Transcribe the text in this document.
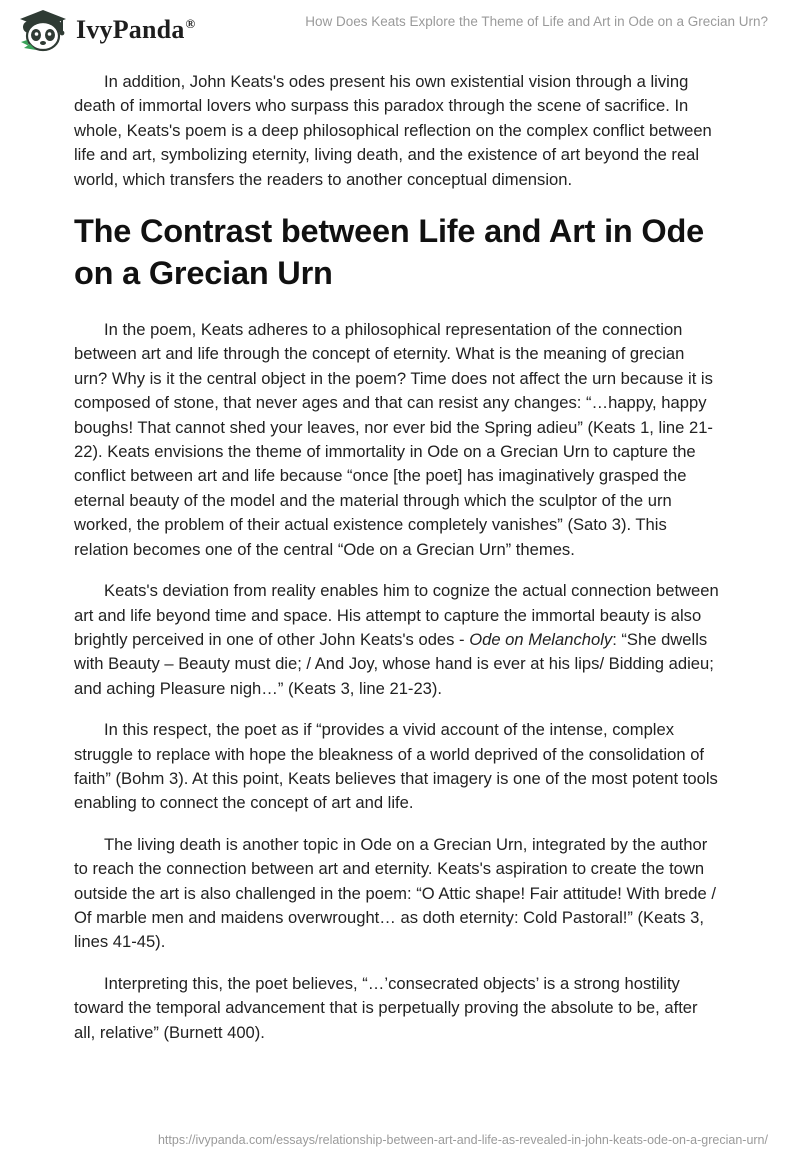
IvyPanda®	How Does Keats Explore the Theme of Life and Art in Ode on a Grecian Urn?

In addition, John Keats's odes present his own existential vision through a living death of immortal lovers who surpass this paradox through the scene of sacrifice. In whole, Keats's poem is a deep philosophical reflection on the complex conflict between life and art, symbolizing eternity, living death, and the existence of art beyond the real world, which transfers the readers to another conceptual dimension.

The Contrast between Life and Art in Ode on a Grecian Urn

In the poem, Keats adheres to a philosophical representation of the connection between art and life through the concept of eternity. What is the meaning of grecian urn? Why is it the central object in the poem? Time does not affect the urn because it is composed of stone, that never ages and that can resist any changes: “…happy, happy boughs! That cannot shed your leaves, nor ever bid the Spring adieu” (Keats 1, line 21-22). Keats envisions the theme of immortality in Ode on a Grecian Urn to capture the conflict between art and life because “once [the poet] has imaginatively grasped the eternal beauty of the model and the material through which the sculptor of the urn worked, the problem of their actual existence completely vanishes” (Sato 3). This relation becomes one of the central “Ode on a Grecian Urn” themes.

Keats's deviation from reality enables him to cognize the actual connection between art and life beyond time and space. His attempt to capture the immortal beauty is also brightly perceived in one of other John Keats's odes - Ode on Melancholy: “She dwells with Beauty – Beauty must die; / And Joy, whose hand is ever at his lips/ Bidding adieu; and aching Pleasure nigh…” (Keats 3, line 21-23).

In this respect, the poet as if “provides a vivid account of the intense, complex struggle to replace with hope the bleakness of a world deprived of the consolidation of faith” (Bohm 3). At this point, Keats believes that imagery is one of the most potent tools enabling to connect the concept of art and life.

The living death is another topic in Ode on a Grecian Urn, integrated by the author to reach the connection between art and eternity. Keats's aspiration to create the town outside the art is also challenged in the poem: “O Attic shape! Fair attitude! With brede / Of marble men and maidens overwrought… as doth eternity: Cold Pastoral!” (Keats 3, lines 41-45).

Interpreting this, the poet believes, “…’consecrated objects’ is a strong hostility toward the temporal advancement that is perpetually proving the absolute to be, after all, relative” (Burnett 400).

https://ivypanda.com/essays/relationship-between-art-and-life-as-revealed-in-john-keats-ode-on-a-grecian-urn/
